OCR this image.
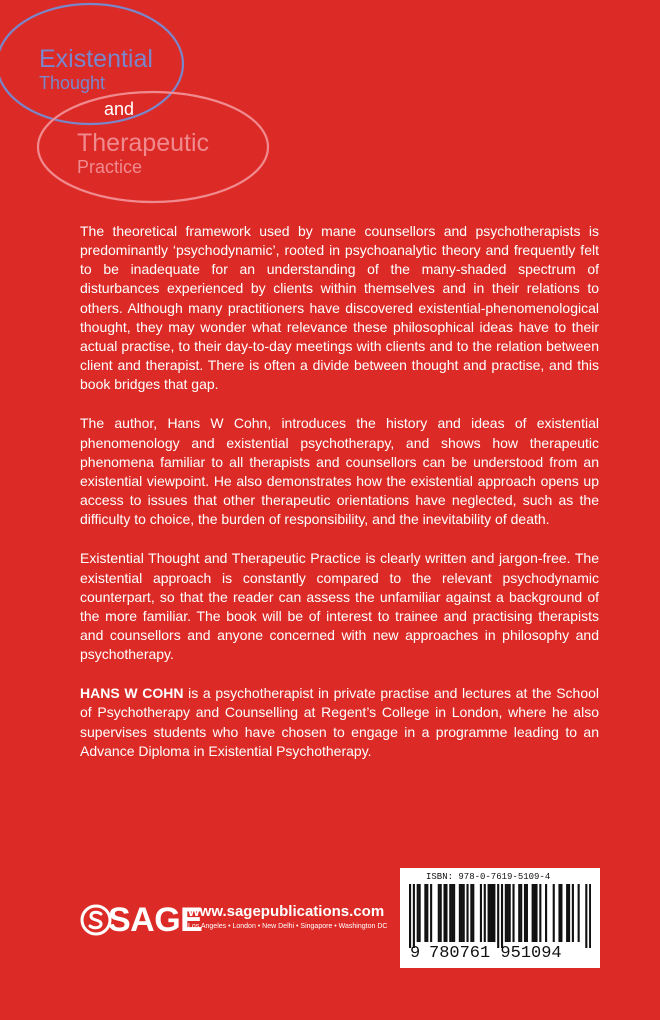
Existential
Thought
and
Therapeutic
Practice

The theoretical framework used by mane counsellors and psychotherapists is predominantly ‘psychodynamic’, rooted in psychoanalytic theory and frequently felt to be inadequate for an understanding of the many-shaded spectrum of disturbances experienced by clients within themselves and in their relations to others. Although many practitioners have discovered existential-phenomenological thought, they may wonder what relevance these philosophical ideas have to their actual practise, to their day-to-day meetings with clients and to the relation between client and therapist. There is often a divide between thought and practise, and this book bridges that gap.

The author, Hans W Cohn, introduces the history and ideas of existential phenomenology and existential psychotherapy, and shows how therapeutic phenomena familiar to all therapists and counsellors can be understood from an existential viewpoint. He also demonstrates how the existential approach opens up access to issues that other therapeutic orientations have neglected, such as the difficulty to choice, the burden of responsibility, and the inevitability of death.

Existential Thought and Therapeutic Practice is clearly written and jargon-free. The existential approach is constantly compared to the relevant psychodynamic counterpart, so that the reader can assess the unfamiliar against a background of the more familiar. The book will be of interest to trainee and practising therapists and counsellors and anyone concerned with new approaches in philosophy and psychotherapy.

HANS W COHN is a psychotherapist in private practise and lectures at the School of Psychotherapy and Counselling at Regent’s College in London, where he also supervises students who have chosen to engage in a programme leading to an Advance Diploma in Existential Psychotherapy.

SAGE
www.sagepublications.com
Los Angeles • London • New Delhi • Singapore • Washington DC
ISBN: 978-0-7619-5109-4
9 780761 951094
